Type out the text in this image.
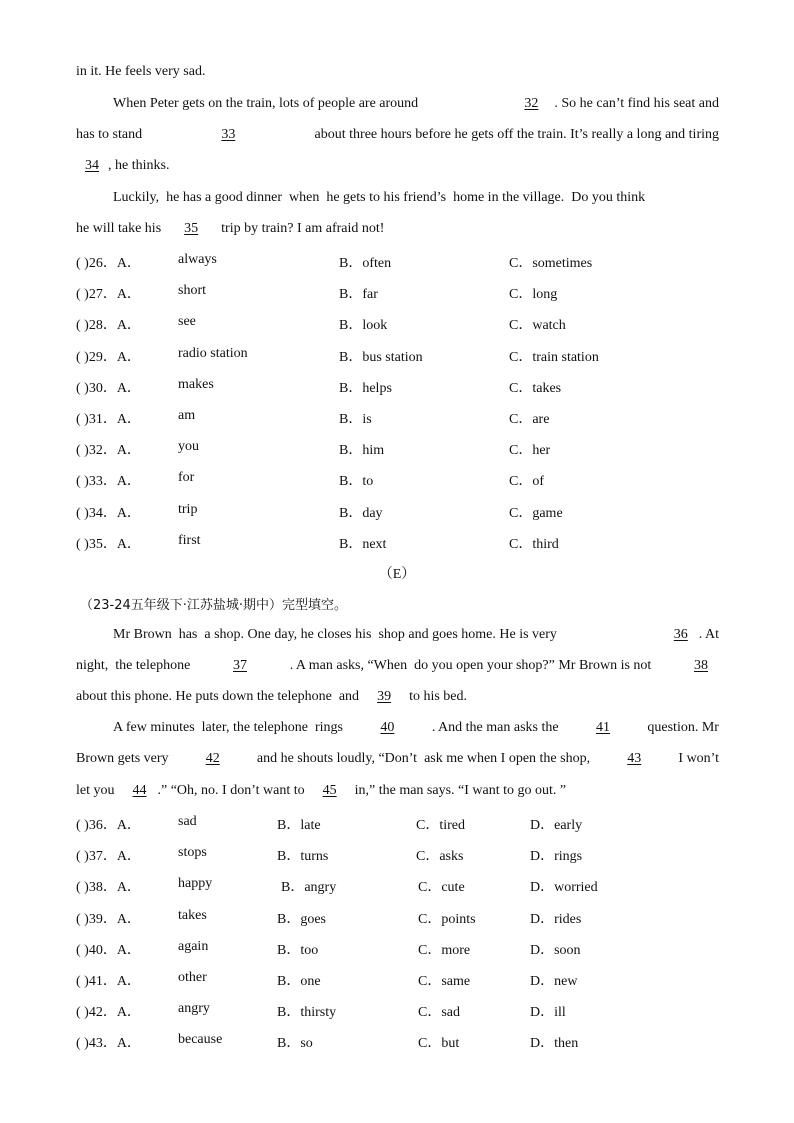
in it. He feels very sad.
When Peter gets on the train, lots of people are around	32 . So he can’t find his seat and
has to stand	33	about three hours before he gets off the train. It’s really a long and tiring
34 , he thinks.
Luckily,  he has a good dinner  when  he gets to his friend’s  home in the village.  Do you think
he will take his 35 trip by train? I am afraid not!
( )26．A．	always	B．often	C．sometimes
( )27．A．	short	B．far	C．long
( )28．A．	see	B．look	C．watch
( )29．A．	radio station	B．bus station	C．train station
( )30．A．	makes	B．helps	C．takes
( )31．A．	am	B．is	C．are
( )32．A．	you	B．him	C．her
( )33．A．	for	B．to	C．of
( )34．A．	trip	B．day	C．game
( )35．A．	first	B．next	C．third
（E）
（23-24五年级下·江苏盐城·期中）完型填空。
Mr Brown  has  a shop. One day, he closes his  shop and goes home. He is very	36 . At
night,  the telephone	37	. A man asks, “When  do you open your shop?” Mr Brown is not	38
about this phone. He puts down the telephone  and 39 to his bed.
A few minutes  later, the telephone  rings	40	. And the man asks the	41	question. Mr
Brown gets very	42	and he shouts loudly, “Don’t  ask me when I open the shop,	43	I won’t
let you 44 .” “Oh, no. I don’t want to 45 in,” the man says. “I want to go out. ”
( )36．A．	sad	B．late	C．tired	D．early
( )37．A．	stops	B．turns	C．asks	D．rings
( )38．A．	happy	B．angry	C．cute	D．worried
( )39．A．	takes	B．goes	C．points	D．rides
( )40．A．	again	B．too	C．more	D．soon
( )41．A．	other	B．one	C．same	D．new
( )42．A．	angry	B．thirsty	C．sad	D．ill
( )43．A．	because	B．so	C．but	D．then
